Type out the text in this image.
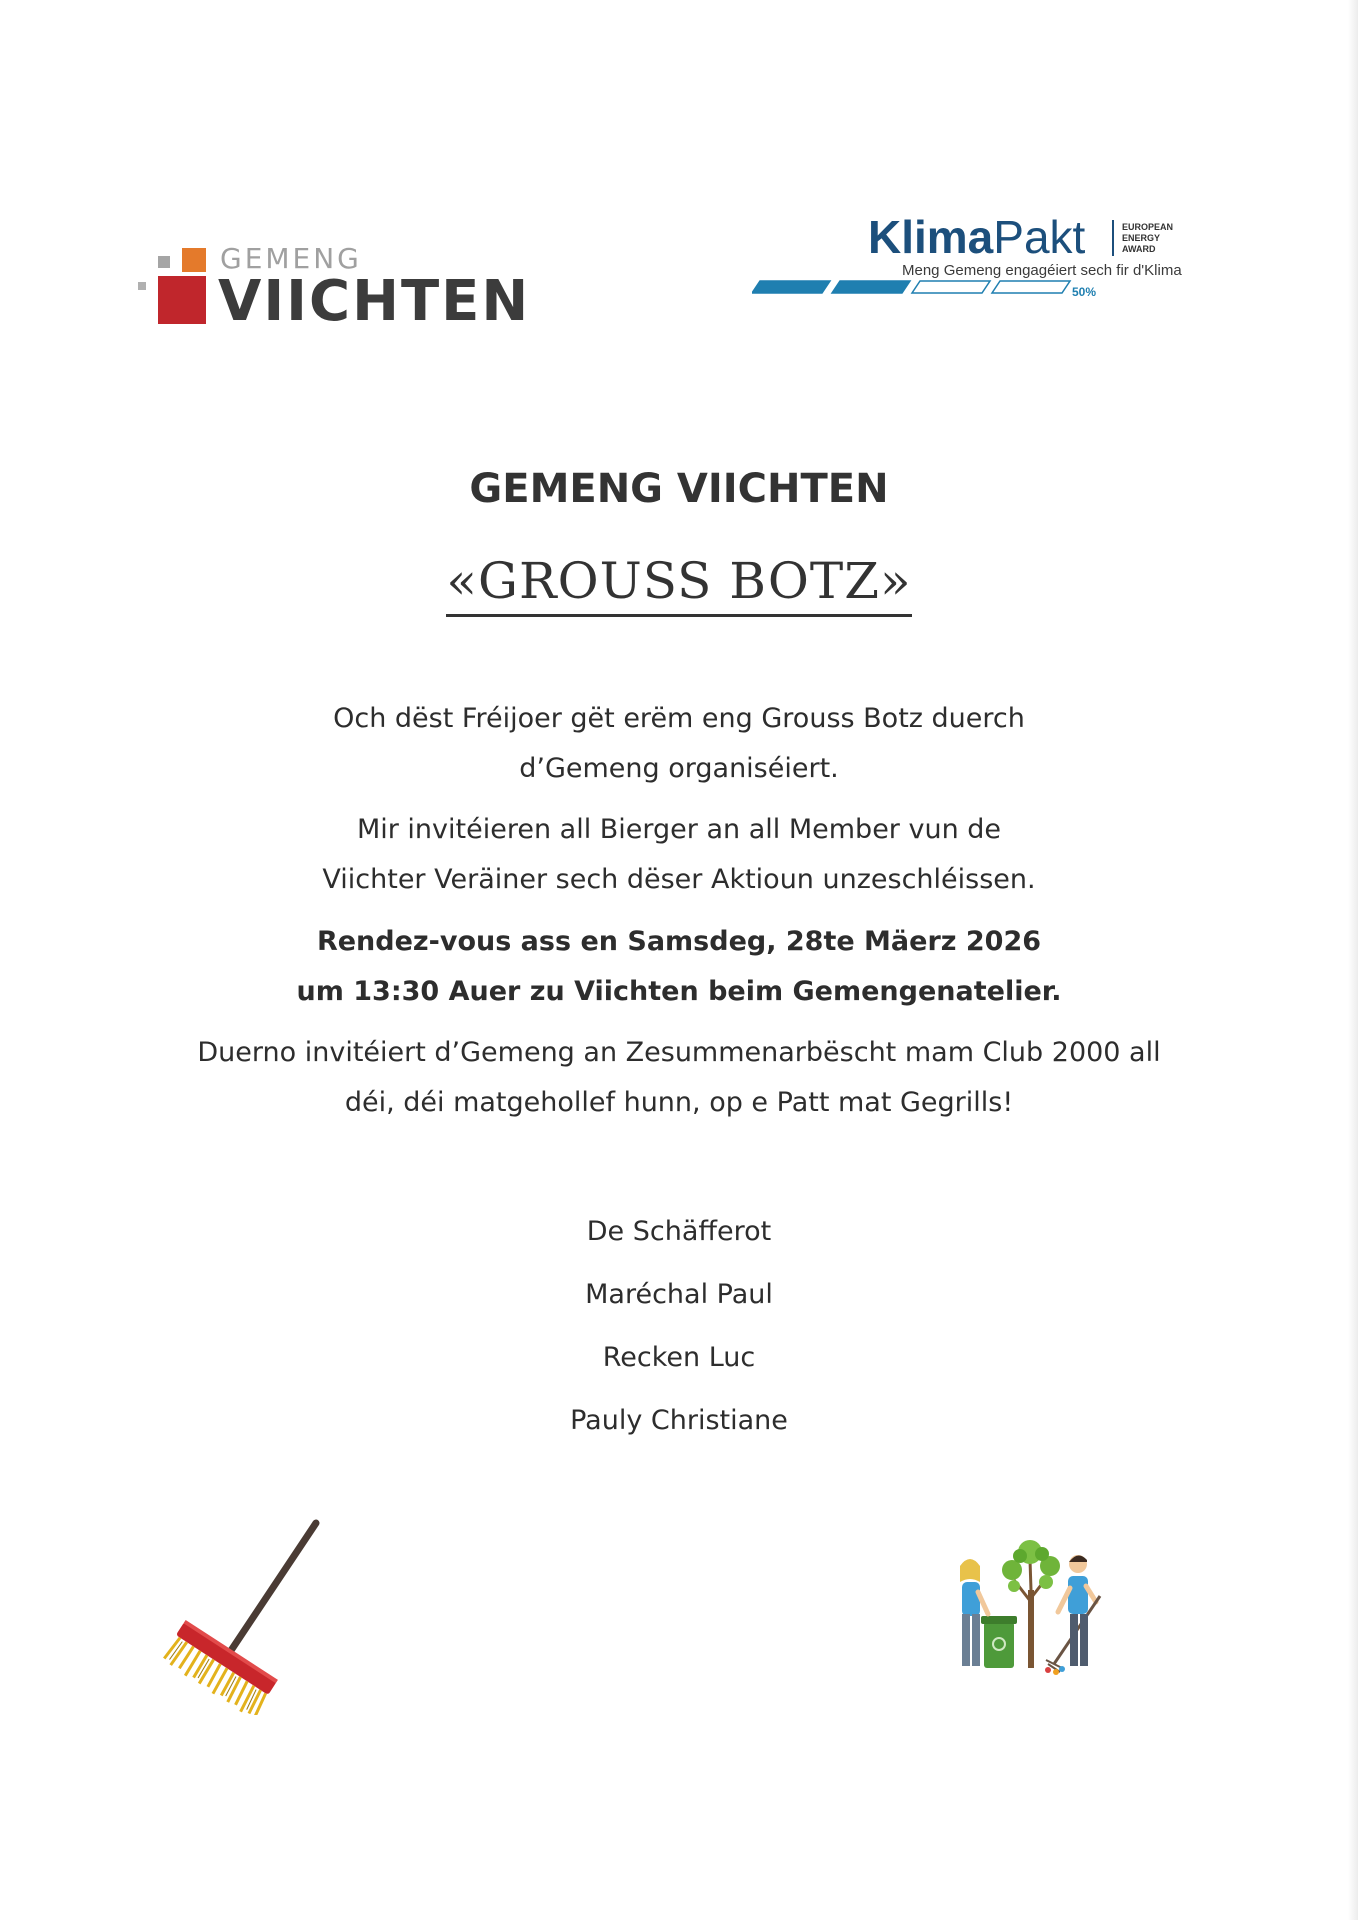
GEMENG
VIICHTEN
KlimaPakt	EUROPEAN
ENERGY
AWARD
Meng Gemeng engagéiert sech fir d'Klima
50%
GEMENG VIICHTEN
«GROUSS BOTZ»

Och dëst Fréijoer gët erëm eng Grouss Botz duerch

d’Gemeng organiséiert.

Mir invitéieren all Bierger an all Member vun de

Viichter Veräiner sech dëser Aktioun unzeschléissen.

Rendez-vous ass en Samsdeg, 28te Mäerz 2026

um 13:30 Auer zu Viichten beim Gemengenatelier.

Duerno invitéiert d’Gemeng an Zesummenarbëscht mam Club 2000 all

déi, déi matgehollef hunn, op e Patt mat Gegrills!

De Schäfferot
Maréchal Paul
Recken Luc
Pauly Christiane
